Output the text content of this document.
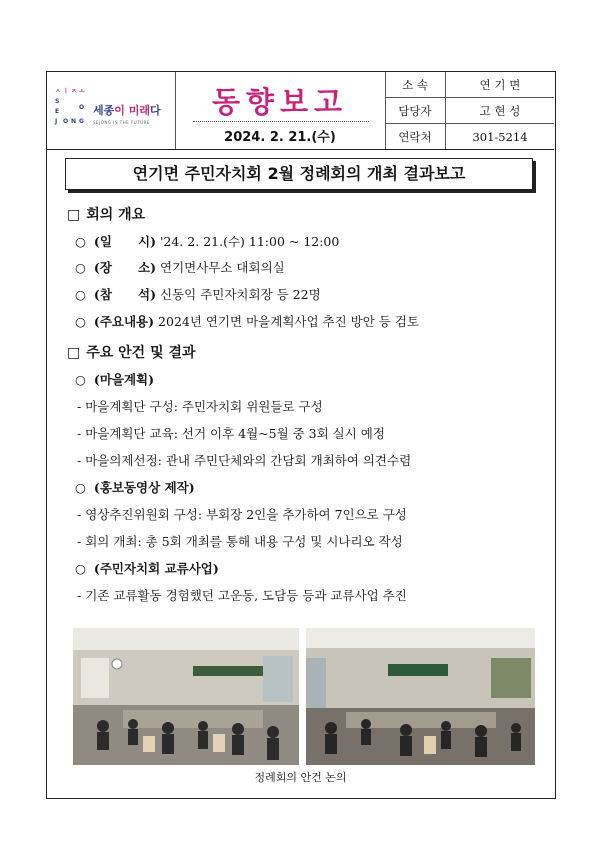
ㅅ ㅣ ㅈ ㅗ
S
E
O
J O N G
세종이 미래다
SEJONG IS THE FUTURE
동향보고
2024. 2. 21.(수)
소 속	연 기 면
담당자	고 현 성
연락처	301-5214
연기면 주민자치회 2월 정례회의 개최 결과보고
□ 회의 개요
○ (일      시) '24. 2. 21.(수) 11:00 ~ 12:00
○ (장      소) 연기면사무소 대회의실
○ (참      석) 신동익 주민자치회장 등 22명
○ (주요내용) 2024년 연기면 마을계획사업 추진 방안 등 검토
□ 주요 안건 및 결과
○ (마을계획)
- 마을계획단 구성: 주민자치회 위원들로 구성
- 마을계획단 교육: 선거 이후 4월~5월 중 3회 실시 예정
- 마을의제선정: 관내 주민단체와의 간담회 개최하여 의견수렴
○ (홍보동영상 제작)
- 영상추진위원회 구성: 부회장 2인을 추가하여 7인으로 구성
- 회의 개최: 총 5회 개최를 통해 내용 구성 및 시나리오 작성
○ (주민자치회 교류사업)
- 기존 교류활동 경험했던 고운동, 도담등 등과 교류사업 추진
정례회의 안건 논의
